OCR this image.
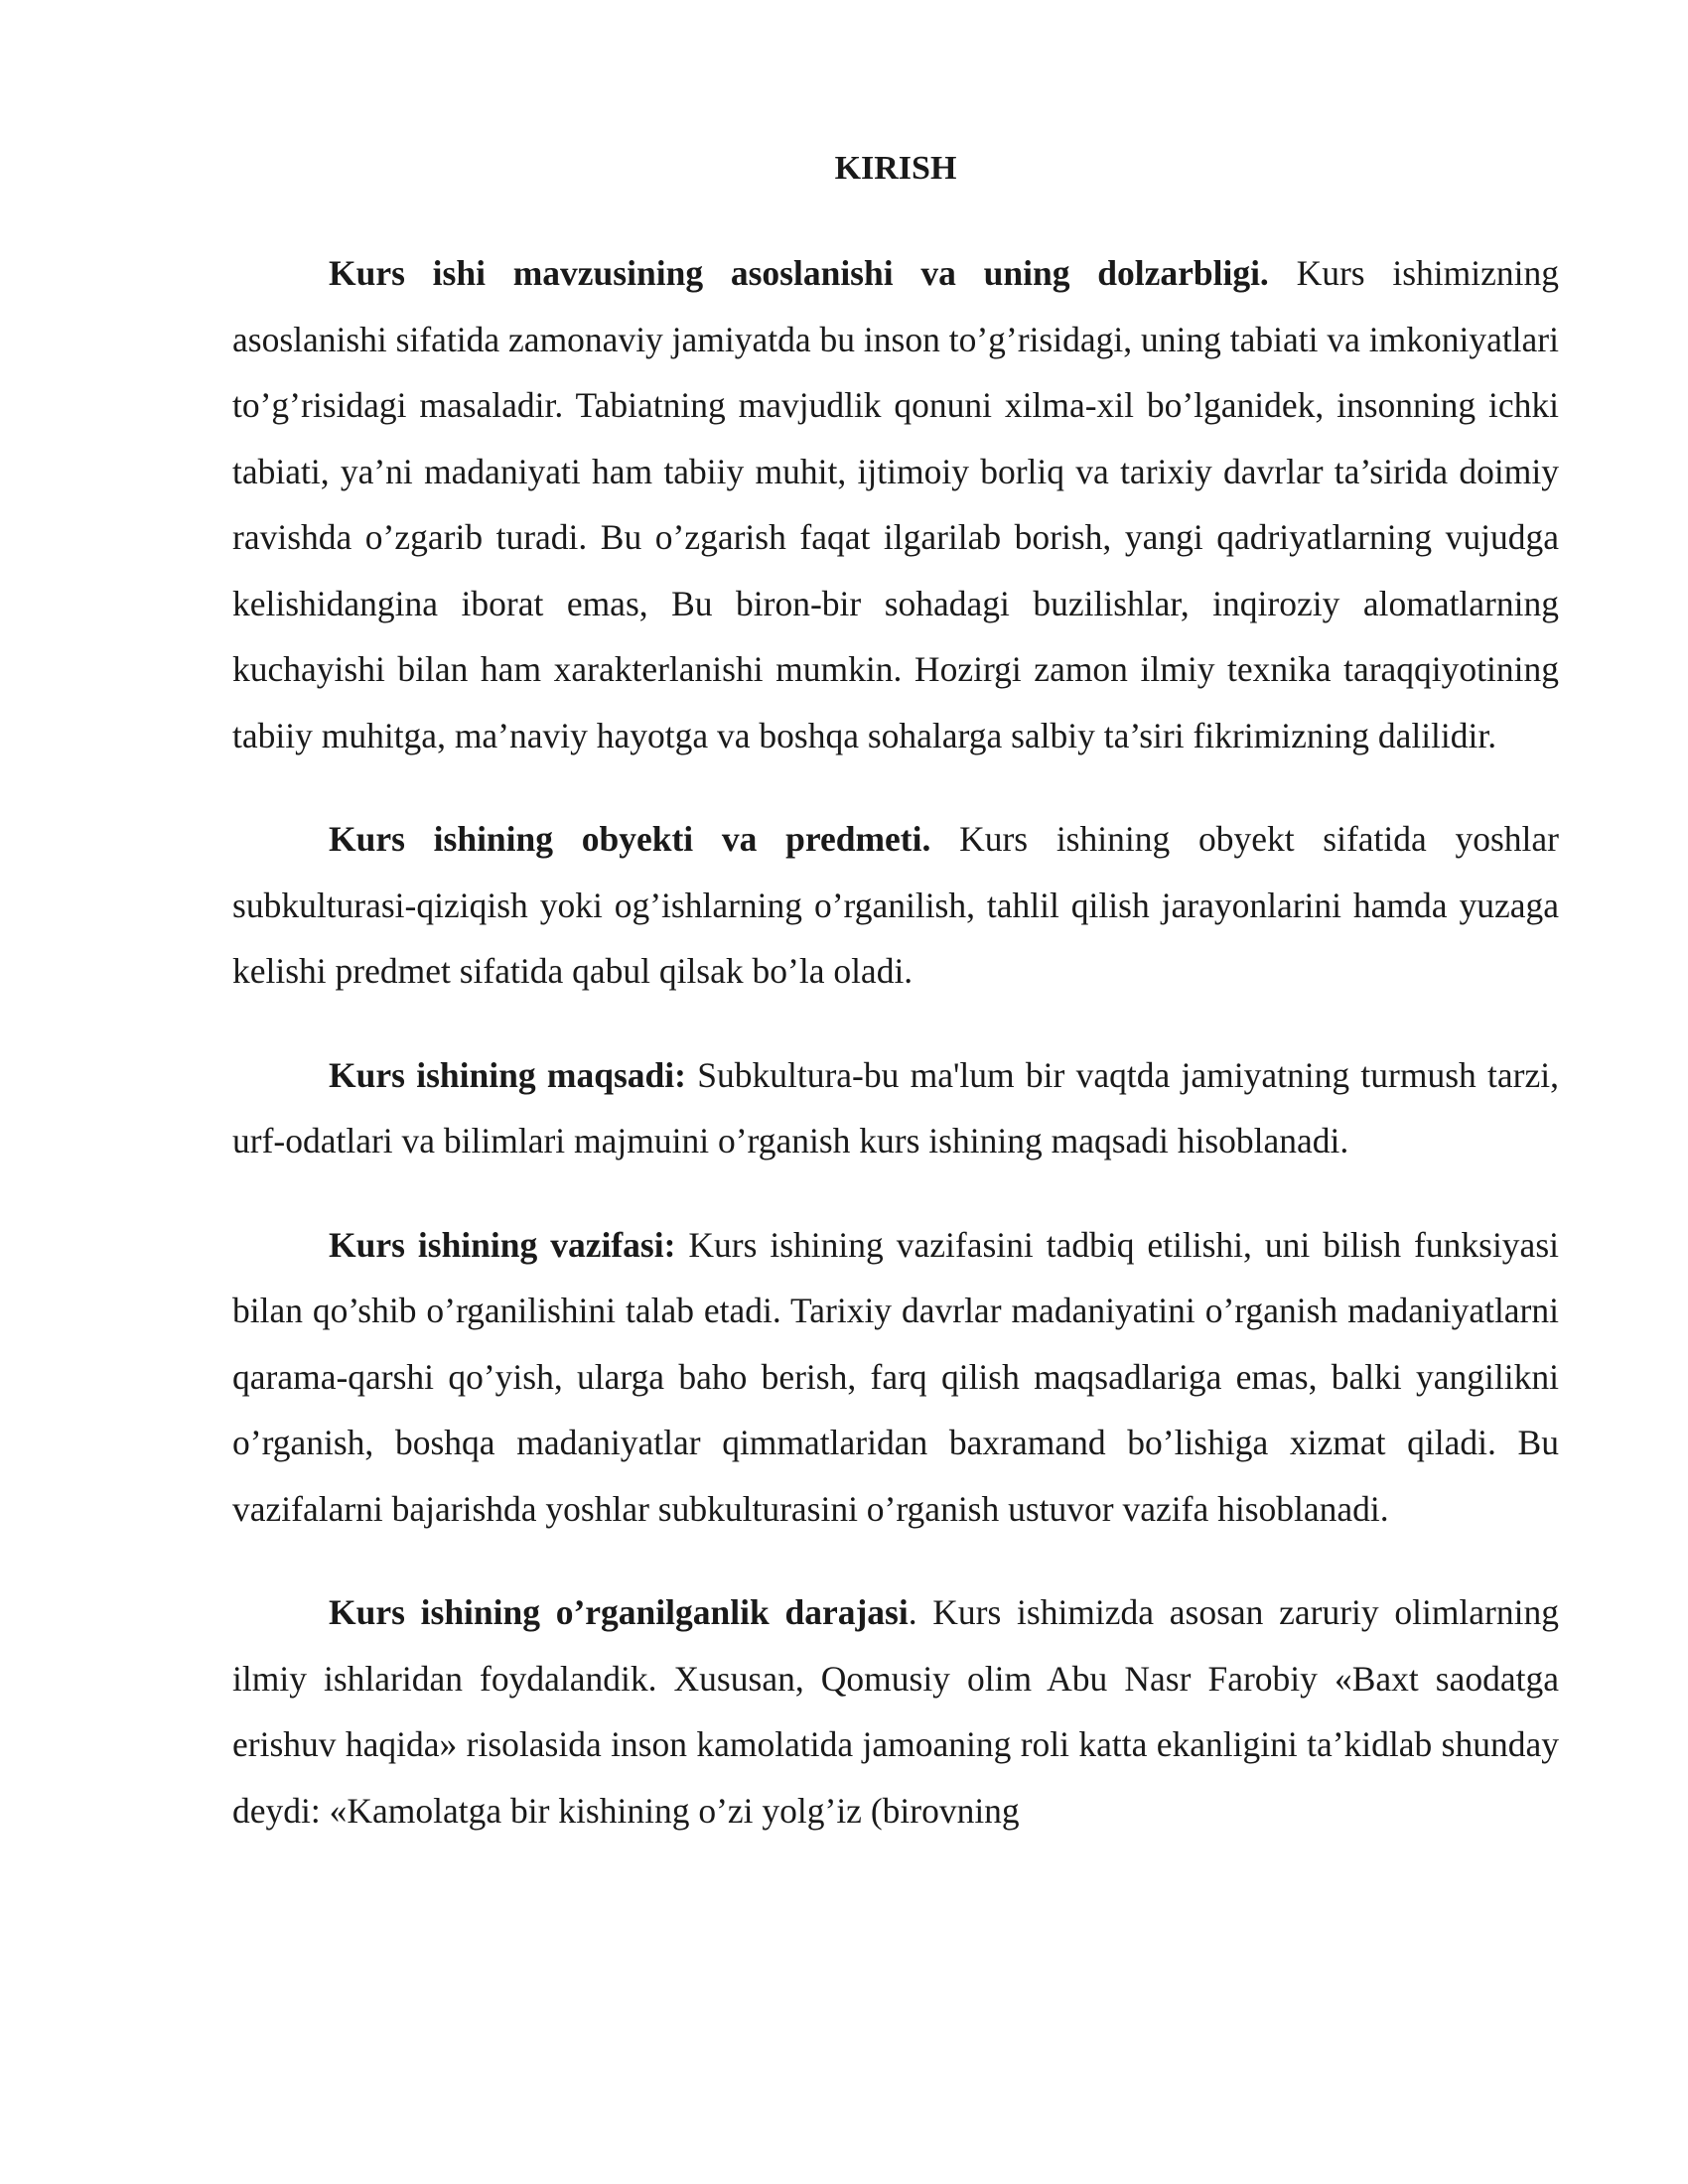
KIRISH

Kurs ishi mavzusining asoslanishi va uning dolzarbligi. Kurs ishimizning asoslanishi sifatida zamonaviy jamiyatda bu inson to’g’risidagi, uning tabiati va imkoniyatlari to’g’risidagi masaladir. Tabiatning mavjudlik qonuni xilma-xil bo’lganidek, insonning ichki tabiati, ya’ni madaniyati ham tabiiy muhit, ijtimoiy borliq va tarixiy davrlar ta’sirida doimiy ravishda o’zgarib turadi. Bu o’zgarish faqat ilgarilab borish, yangi qadriyatlarning vujudga kelishidangina iborat emas, Bu biron-bir sohadagi buzilishlar, inqiroziy alomatlarning kuchayishi bilan ham xarakterlanishi mumkin. Hozirgi zamon ilmiy texnika taraqqiyotining tabiiy muhitga, ma’naviy hayotga va boshqa sohalarga salbiy ta’siri fikrimizning dalilidir.

Kurs ishining obyekti va predmeti. Kurs ishining obyekt sifatida yoshlar subkulturasi-qiziqish yoki og’ishlarning o’rganilish, tahlil qilish jarayonlarini hamda yuzaga kelishi predmet sifatida qabul qilsak bo’la oladi.

Kurs ishining maqsadi: Subkultura-bu ma'lum bir vaqtda jamiyatning turmush tarzi, urf-odatlari va bilimlari majmuini o’rganish kurs ishining maqsadi hisoblanadi.

Kurs ishining vazifasi: Kurs ishining vazifasini tadbiq etilishi, uni bilish funksiyasi bilan qo’shib o’rganilishini talab etadi. Tarixiy davrlar madaniyatini o’rganish madaniyatlarni qarama-qarshi qo’yish, ularga baho berish, farq qilish maqsadlariga emas, balki yangilikni o’rganish, boshqa madaniyatlar qimmatlaridan baxramand bo’lishiga xizmat qiladi. Bu vazifalarni bajarishda yoshlar subkulturasini o’rganish ustuvor vazifa hisoblanadi.

Kurs ishining o’rganilganlik darajasi. Kurs ishimizda asosan zaruriy olimlarning ilmiy ishlaridan foydalandik. Xususan, Qomusiy olim Abu Nasr Farobiy «Baxt saodatga erishuv haqida» risolasida inson kamolatida jamoaning roli katta ekanligini ta’kidlab shunday deydi: «Kamolatga bir kishining o’zi yolg’iz (birovning
